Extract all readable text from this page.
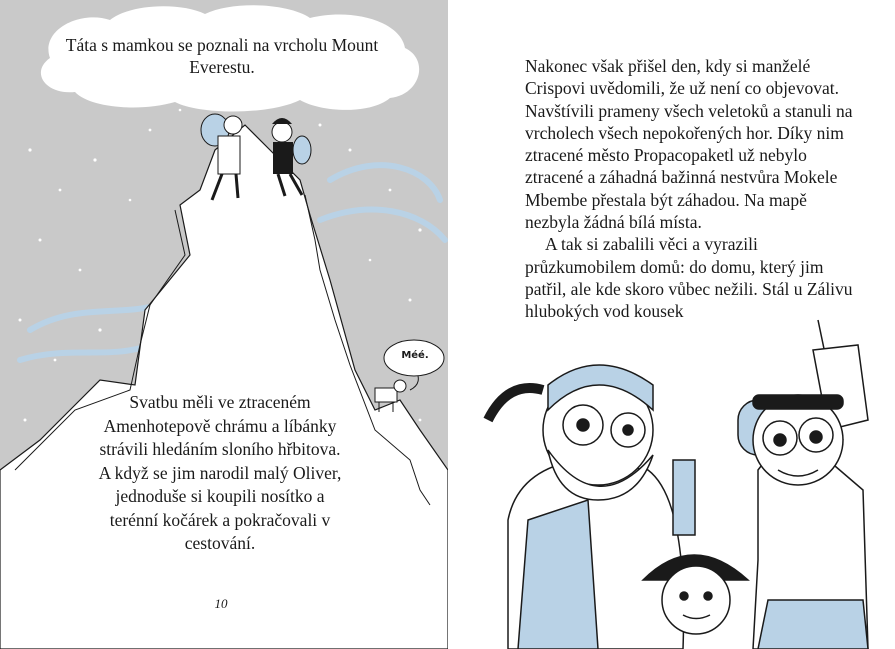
Táta s mamkou se poznali na vrcholu Mount Everestu.
Svatbu měli ve ztraceném Amenhotepově chrámu a líbánky strávili hledáním sloního hřbitova. A když se jim narodil malý Oliver, jednoduše si koupili nosítko a terénní kočárek a pokračovali v cestování.
Méé.
10

Nakonec však přišel den, kdy si manželé Crispovi uvědomili, že už není co objevovat. Navštívili prameny všech veletoků a stanuli na vrcholech všech nepokořených hor. Díky nim ztracené město Propacopaketl už nebylo ztracené a záhadná bažinná nestvůra Mokele Mbembe přestala být záhadou. Na mapě nezbyla žádná bílá místa.

A tak si zabalili věci a vyrazili průzkumobilem domů: do domu, který jim patřil, ale kde skoro vůbec nežili. Stál u Zálivu hlubokých vod kousek
